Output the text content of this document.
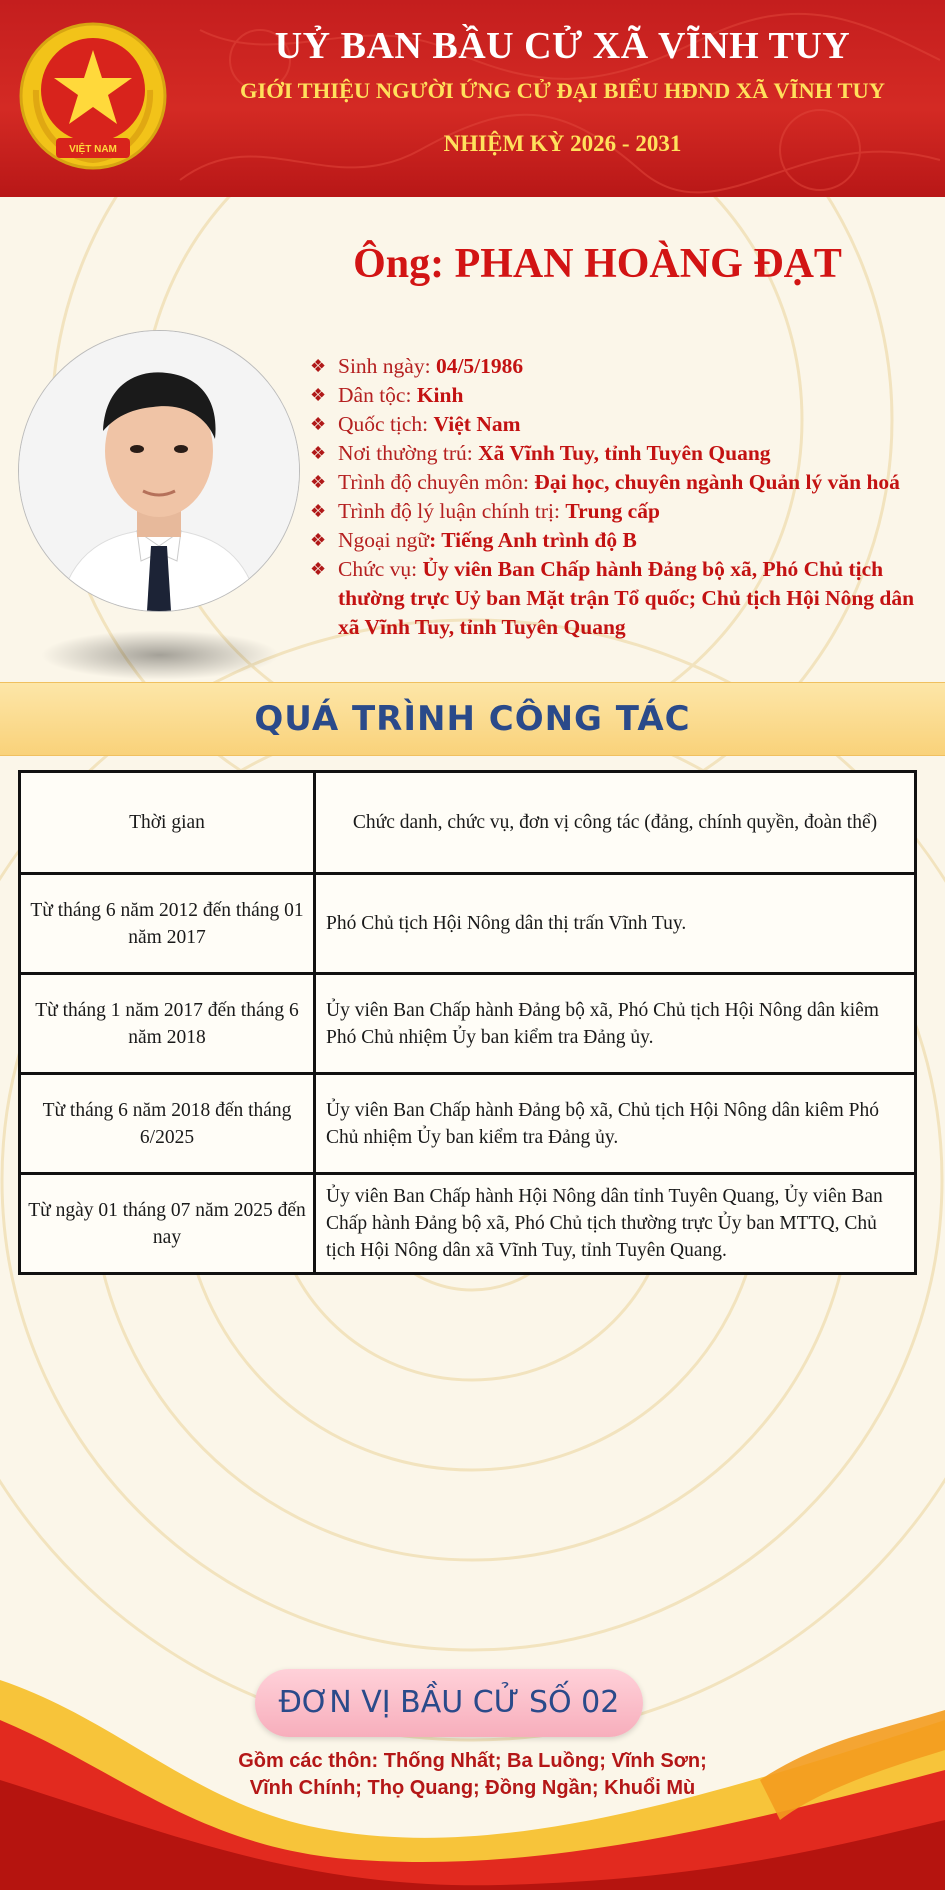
VIỆT NAM
UỶ BAN BẦU CỬ XÃ VĨNH TUY
GIỚI THIỆU NGƯỜI ỨNG CỬ ĐẠI BIỂU HĐND XÃ VĨNH TUY
NHIỆM KỲ 2026 - 2031
Ông: PHAN HOÀNG ĐẠT
❖ Sinh ngày: 04/5/1986
❖ Dân tộc: Kinh
❖ Quốc tịch: Việt Nam
❖ Nơi thường trú: Xã Vĩnh Tuy, tỉnh Tuyên Quang
❖ Trình độ chuyên môn: Đại học, chuyên ngành Quản lý văn hoá
❖ Trình độ lý luận chính trị: Trung cấp
❖ Ngoại ngữ: Tiếng Anh trình độ B
❖ Chức vụ: Ủy viên Ban Chấp hành Đảng bộ xã, Phó Chủ tịch thường trực Uỷ ban Mặt trận Tổ quốc; Chủ tịch Hội Nông dân xã Vĩnh Tuy, tỉnh Tuyên Quang
QUÁ TRÌNH CÔNG TÁC
Thời gian	Chức danh, chức vụ, đơn vị công tác (đảng, chính quyền, đoàn thể)
Từ tháng 6 năm 2012 đến tháng 01 năm 2017	Phó Chủ tịch Hội Nông dân thị trấn Vĩnh Tuy.
Từ tháng 1 năm 2017 đến tháng 6 năm 2018	Ủy viên Ban Chấp hành Đảng bộ xã, Phó Chủ tịch Hội Nông dân kiêm Phó Chủ nhiệm Ủy ban kiểm tra Đảng ủy.
Từ tháng 6 năm 2018 đến tháng 6/2025	Ủy viên Ban Chấp hành Đảng bộ xã, Chủ tịch Hội Nông dân kiêm Phó Chủ nhiệm Ủy ban kiểm tra Đảng ủy.
Từ ngày 01 tháng 07 năm 2025 đến nay	Ủy viên Ban Chấp hành Hội Nông dân tỉnh Tuyên Quang, Ủy viên Ban Chấp hành Đảng bộ xã, Phó Chủ tịch thường trực Ủy ban MTTQ, Chủ tịch Hội Nông dân xã Vĩnh Tuy, tỉnh Tuyên Quang.
ĐƠN VỊ BẦU CỬ SỐ 02
Gồm các thôn: Thống Nhất; Ba Luồng; Vĩnh Sơn;
Vĩnh Chính; Thọ Quang; Đồng Ngần; Khuổi Mù
